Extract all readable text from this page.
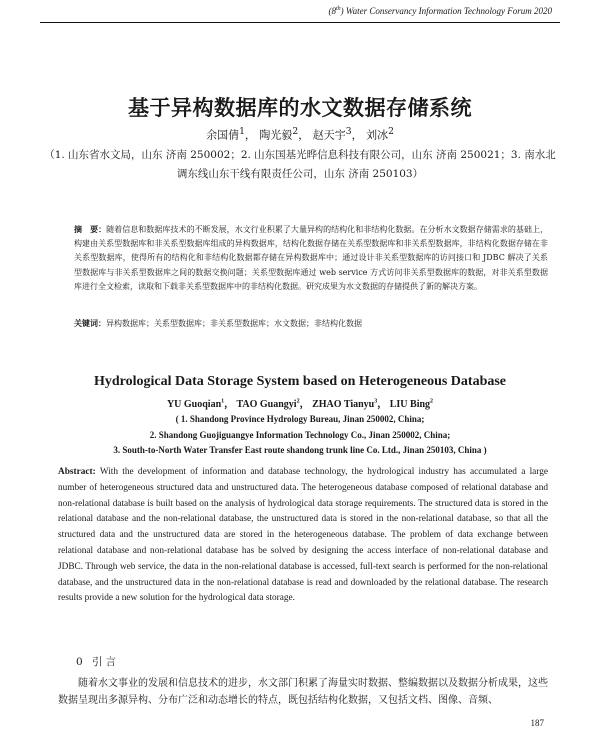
(8th) Water Conservancy Information Technology Forum 2020
基于异构数据库的水文数据存储系统
余国倩$^1$， 陶光毅$^2$， 赵天宇$^3$， 刘冰$^2$
（1. 山东省水文局，山东 济南 250002；2. 山东国基光晔信息科技有限公司，山东 济南 250021；3. 南水北调东线山东干线有限责任公司，山东 济南 250103）
摘　要：随着信息和数据库技术的不断发展，水文行业积累了大量异构的结构化和非结构化数据。在分析水文数据存储需求的基础上，构建由关系型数据库和非关系型数据库组成的异构数据库，结构化数据存储在关系型数据库和非关系型数据库，非结构化数据存储在非关系型数据库，使得所有的结构化和非结构化数据都存储在异构数据库中；通过设计非关系型数据库的访问接口和 JDBC 解决了关系型数据库与非关系型数据库之间的数据交换问题；关系型数据库通过 web service 方式访问非关系型数据库的数据，对非关系型数据库进行全文检索，读取和下载非关系型数据库中的非结构化数据。研究成果为水文数据的存储提供了新的解决方案。
关键词：异构数据库；关系型数据库；非关系型数据库；水文数据；非结构化数据
Hydrological Data Storage System based on Heterogeneous Database
YU Guoqian$^1$， TAO Guangyi$^2$， ZHAO Tianyu$^3$， LIU Bing$^2$
( 1. Shandong Province Hydrology Bureau, Jinan 250002, China;
2. Shandong Guojiguangye Information Technology Co., Jinan 250002, China;
3. South-to-North Water Transfer East route shandong trunk line Co. Ltd., Jinan 250103, China )
Abstract: With the development of information and database technology, the hydrological industry has accumulated a large number of heterogeneous structured data and unstructured data. The heterogeneous database composed of relational database and non-relational database is built based on the analysis of hydrological data storage requirements. The structured data is stored in the relational database and the non-relational database, the unstructured data is stored in the non-relational database, so that all the structured data and the unstructured data are stored in the heterogeneous database. The problem of data exchange between relational database and non-relational database has be solved by designing the access interface of non-relational database and JDBC. Through web service, the data in the non-relational database is accessed, full-text search is performed for the non-relational database, and the unstructured data in the non-relational database is read and downloaded by the relational database. The research results provide a new solution for the hydrological data storage.
0 引言
随着水文事业的发展和信息技术的进步，水文部门积累了海量实时数据、整编数据以及数据分析成果，这些数据呈现出多源异构、分布广泛和动态增长的特点，既包括结构化数据，又包括文档、图像、音频、
187
